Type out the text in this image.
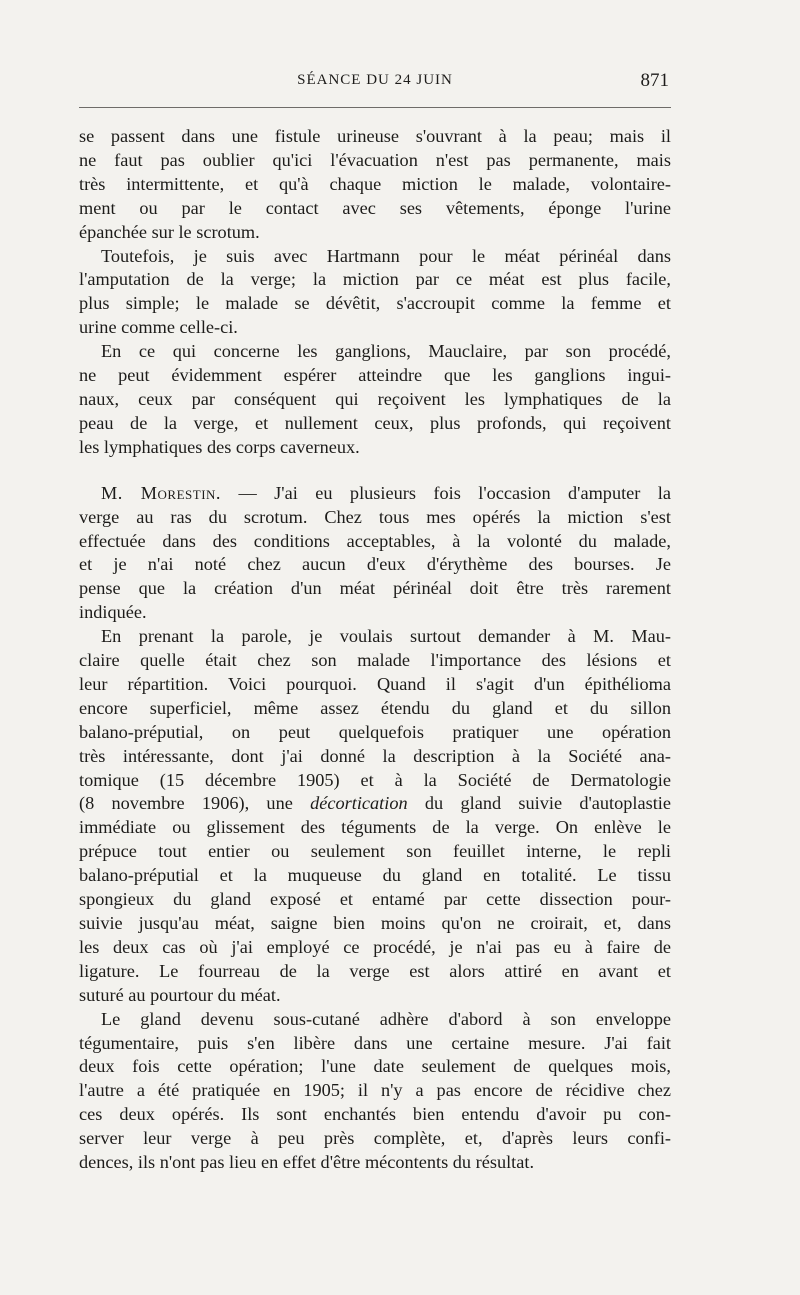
SÉANCE DU 24 JUIN	871
se passent dans une fistule urineuse s'ouvrant à la peau; mais il
ne faut pas oublier qu'ici l'évacuation n'est pas permanente, mais
très intermittente, et qu'à chaque miction le malade, volontaire-
ment ou par le contact avec ses vêtements, éponge l'urine
épanchée sur le scrotum.
Toutefois, je suis avec Hartmann pour le méat périnéal dans
l'amputation de la verge; la miction par ce méat est plus facile,
plus simple; le malade se dévêtit, s'accroupit comme la femme et
urine comme celle-ci.
En ce qui concerne les ganglions, Mauclaire, par son procédé,
ne peut évidemment espérer atteindre que les ganglions ingui-
naux, ceux par conséquent qui reçoivent les lymphatiques de la
peau de la verge, et nullement ceux, plus profonds, qui reçoivent
les lymphatiques des corps caverneux.
M. Morestin. — J'ai eu plusieurs fois l'occasion d'amputer la
verge au ras du scrotum. Chez tous mes opérés la miction s'est
effectuée dans des conditions acceptables, à la volonté du malade,
et je n'ai noté chez aucun d'eux d'érythème des bourses. Je
pense que la création d'un méat périnéal doit être très rarement
indiquée.
En prenant la parole, je voulais surtout demander à M. Mau-
claire quelle était chez son malade l'importance des lésions et
leur répartition. Voici pourquoi. Quand il s'agit d'un épithélioma
encore superficiel, même assez étendu du gland et du sillon
balano-préputial, on peut quelquefois pratiquer une opération
très intéressante, dont j'ai donné la description à la Société ana-
tomique (15 décembre 1905) et à la Société de Dermatologie
(8 novembre 1906), une décortication du gland suivie d'autoplastie
immédiate ou glissement des téguments de la verge. On enlève le
prépuce tout entier ou seulement son feuillet interne, le repli
balano-préputial et la muqueuse du gland en totalité. Le tissu
spongieux du gland exposé et entamé par cette dissection pour-
suivie jusqu'au méat, saigne bien moins qu'on ne croirait, et, dans
les deux cas où j'ai employé ce procédé, je n'ai pas eu à faire de
ligature. Le fourreau de la verge est alors attiré en avant et
suturé au pourtour du méat.
Le gland devenu sous-cutané adhère d'abord à son enveloppe
tégumentaire, puis s'en libère dans une certaine mesure. J'ai fait
deux fois cette opération; l'une date seulement de quelques mois,
l'autre a été pratiquée en 1905; il n'y a pas encore de récidive chez
ces deux opérés. Ils sont enchantés bien entendu d'avoir pu con-
server leur verge à peu près complète, et, d'après leurs confi-
dences, ils n'ont pas lieu en effet d'être mécontents du résultat.
